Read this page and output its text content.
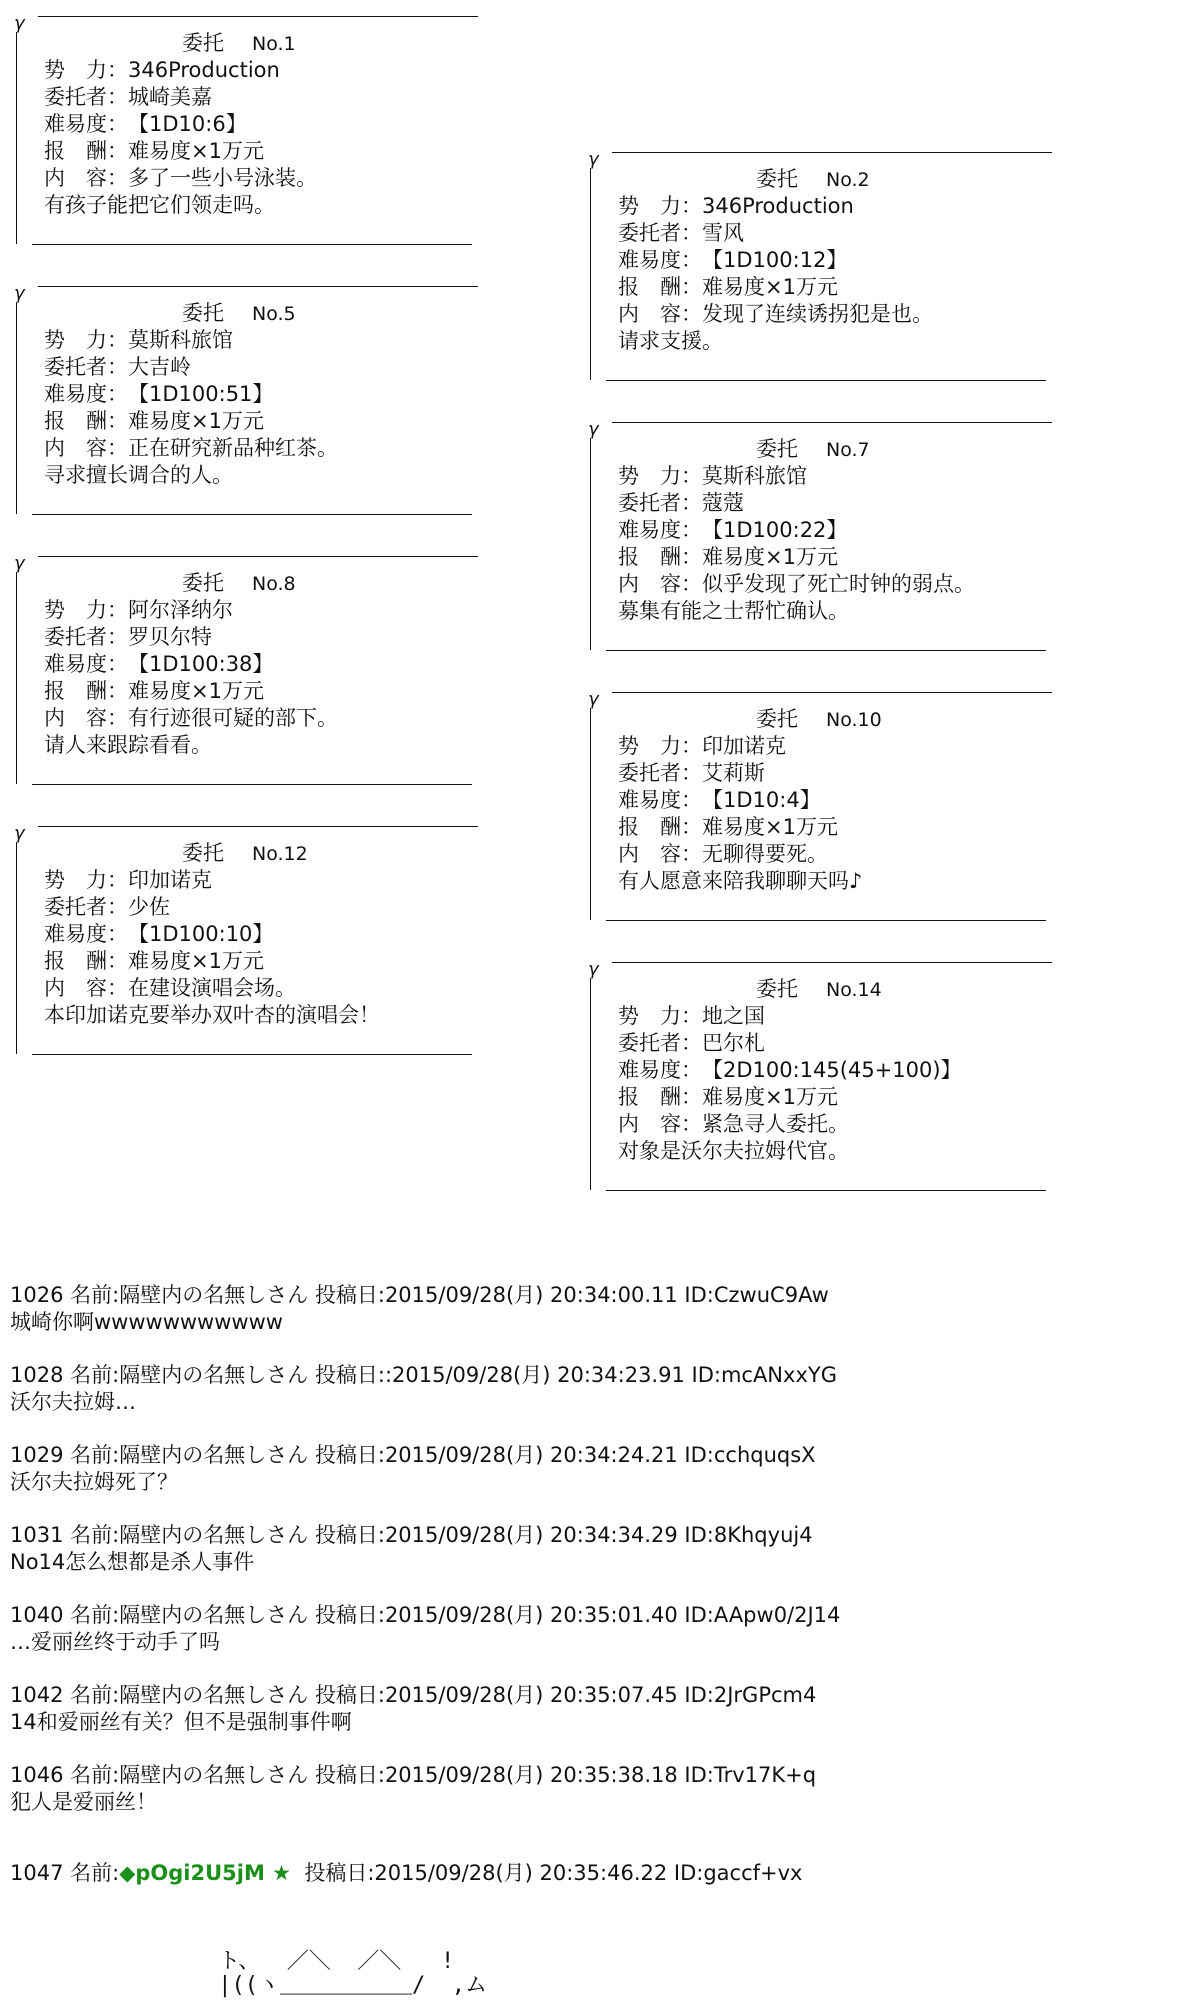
γ
委托 No.1
势　力：346Production
委托者：城崎美嘉
难易度：【1D10:6】
报　酬：难易度×1万元
内　容：多了一些小号泳装。
有孩子能把它们领走吗。
γ
委托 No.2
势　力：346Production
委托者：雪风
难易度：【1D100:12】
报　酬：难易度×1万元
内　容：发现了连续诱拐犯是也。
请求支援。
γ
委托 No.5
势　力：莫斯科旅馆
委托者：大吉岭
难易度：【1D100:51】
报　酬：难易度×1万元
内　容：正在研究新品种红茶。
寻求擅长调合的人。
γ
委托 No.7
势　力：莫斯科旅馆
委托者：蔻蔻
难易度：【1D100:22】
报　酬：难易度×1万元
内　容：似乎发现了死亡时钟的弱点。
募集有能之士帮忙确认。
γ
委托 No.8
势　力：阿尔泽纳尔
委托者：罗贝尔特
难易度：【1D100:38】
报　酬：难易度×1万元
内　容：有行迹很可疑的部下。
请人来跟踪看看。
γ
委托 No.10
势　力：印加诺克
委托者：艾莉斯
难易度：【1D10:4】
报　酬：难易度×1万元
内　容：无聊得要死。
有人愿意来陪我聊聊天吗♪
γ
委托 No.12
势　力：印加诺克
委托者：少佐
难易度：【1D100:10】
报　酬：难易度×1万元
内　容：在建设演唱会场。
本印加诺克要举办双叶杏的演唱会！
γ
委托 No.14
势　力：地之国
委托者：巴尔札
难易度：【2D100:145(45+100)】
报　酬：难易度×1万元
内　容：紧急寻人委托。
对象是沃尔夫拉姆代官。
1026 名前:隔壁内の名無しさん 投稿日:2015/09/28(月) 20:34:00.11 ID:CzwuC9Aw
城崎你啊wwwwwwwwwww
1028 名前:隔壁内の名無しさん 投稿日::2015/09/28(月) 20:34:23.91 ID:mcANxxYG
沃尔夫拉姆…
1029 名前:隔壁内の名無しさん 投稿日:2015/09/28(月) 20:34:24.21 ID:cchquqsX
沃尔夫拉姆死了？
1031 名前:隔壁内の名無しさん 投稿日:2015/09/28(月) 20:34:34.29 ID:8Khqyuj4
No14怎么想都是杀人事件
1040 名前:隔壁内の名無しさん 投稿日:2015/09/28(月) 20:35:01.40 ID:AApw0/2J14
…爱丽丝终于动手了吗
1042 名前:隔壁内の名無しさん 投稿日:2015/09/28(月) 20:35:07.45 ID:2JrGPcm4
14和爱丽丝有关？但不是强制事件啊
1046 名前:隔壁内の名無しさん 投稿日:2015/09/28(月) 20:35:38.18 ID:Trv17K+q
犯人是爱丽丝！
1047 名前:◆pOgi2U5jM ★  投稿日:2015/09/28(月) 20:35:46.22 ID:gaccf+vx
ト、  ／＼  ／＼   !
|((ヽ＿＿＿＿＿＿/  ,ム
